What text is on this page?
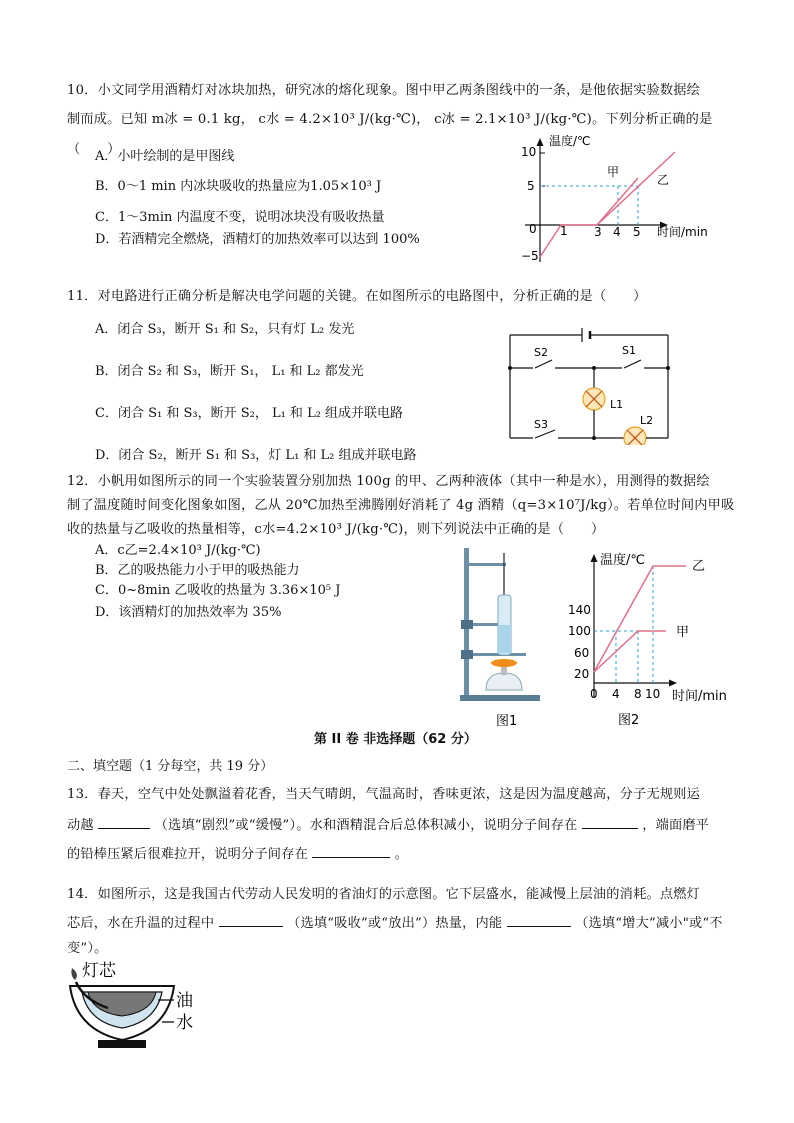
10．小文同学用酒精灯对冰块加热，研究冰的熔化现象。图中甲乙两条图线中的一条，是他依据实验数据绘
制而成。已知 m冰 = 0.1 kg， c水 = 4.2×10³ J/(kg·℃)， c冰 = 2.1×10³ J/(kg·℃)。下列分析正确的是（　　）
A．小叶绘制的是甲图线
B．0～1 min 内冰块吸收的热量应为1.05×10³ J
C．1～3min 内温度不变，说明冰块没有吸收热量
D．若酒精完全燃烧，酒精灯的加热效率可以达到 100%
温度/℃
时间/min
10
5
0
−5
1 3 4 5
甲
乙
11．对电路进行正确分析是解决电学问题的关键。在如图所示的电路图中，分析正确的是（　　）
A．闭合 S₃，断开 S₁ 和 S₂，只有灯 L₂ 发光
B．闭合 S₂ 和 S₃，断开 S₁， L₁ 和 L₂ 都发光
C．闭合 S₁ 和 S₃，断开 S₂， L₁ 和 L₂ 组成并联电路
D．闭合 S₂，断开 S₁ 和 S₃，灯 L₁ 和 L₂ 组成并联电路
S2	S1
L1
S3	L2
12．小帆用如图所示的同一个实验装置分别加热 100g 的甲、乙两种液体（其中一种是水），用测得的数据绘
制了温度随时间变化图象如图，乙从 20℃加热至沸腾刚好消耗了 4g 酒精（q=3×10⁷J/kg）。若单位时间内甲吸
收的热量与乙吸收的热量相等，c水=4.2×10³ J/(kg·℃)，则下列说法中正确的是（　　）
A．c乙=2.4×10³ J/(kg·℃)
B．乙的吸热能力小于甲的吸热能力
C．0~8min 乙吸收的热量为 3.36×10⁵ J
D．该酒精灯的加热效率为 35%
图1
温度/℃
时间/min
140
100
60
20
0 4 8 10
乙
甲
图2
第 II 卷 非选择题（62 分）
二、填空题（1 分每空，共 19 分）
13．春天，空气中处处飘溢着花香，当天气晴朗，气温高时，香味更浓，这是因为温度越高，分子无规则运
动越	（选填“剧烈”或“缓慢”）。水和酒精混合后总体积减小，说明分子间存在	，端面磨平
的铅棒压紧后很难拉开，说明分子间存在	。
14．如图所示，这是我国古代劳动人民发明的省油灯的示意图。它下层盛水，能减慢上层油的消耗。点燃灯
芯后，水在升温的过程中	（选填“吸收”或“放出”）热量，内能	（选填“增大”减小"或“不
变”）。
灯芯
油
水
